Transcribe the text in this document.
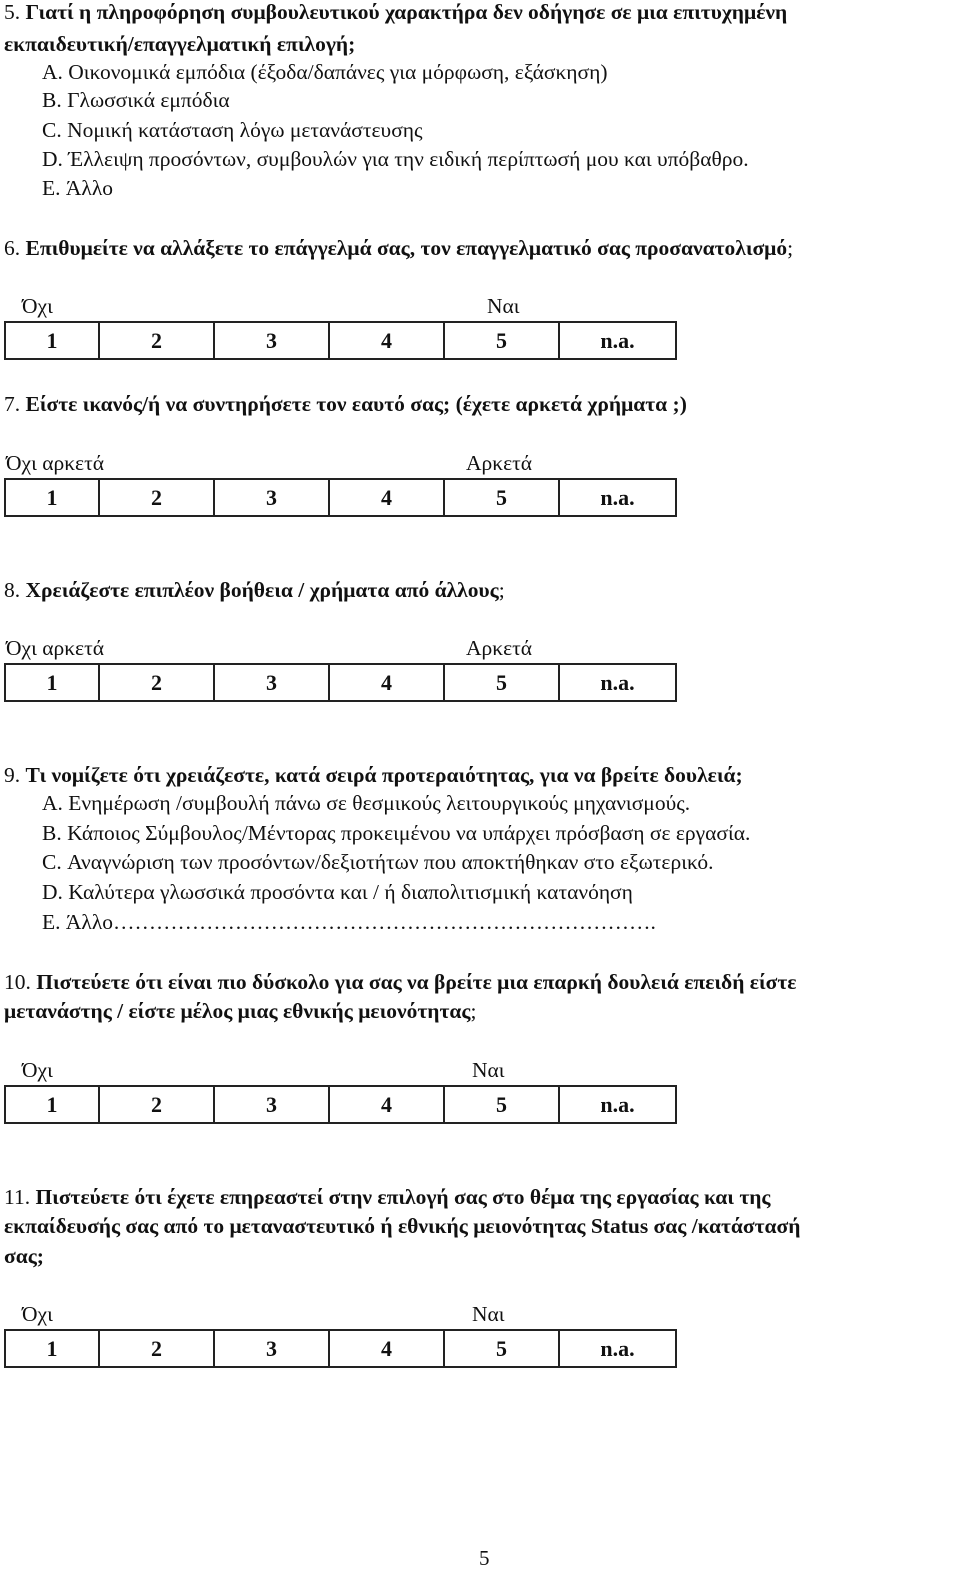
5. Γιατί η πληροφόρηση συμβουλευτικού χαρακτήρα δεν οδήγησε σε μια επιτυχημένη
εκπαιδευτική/επαγγελματική επιλογή;
A. Οικονομικά εμπόδια (έξοδα/δαπάνες για μόρφωση, εξάσκηση)
B. Γλωσσικά εμπόδια
C. Νομική κατάσταση λόγω μετανάστευσης
D. Έλλειψη προσόντων, συμβουλών για την ειδική περίπτωσή μου και υπόβαθρο.
E. Άλλο
6. Επιθυμείτε να αλλάξετε το επάγγελμά σας, τον επαγγελματικό σας προσανατολισμό;
Όχι	Ναι
1	2	3	4	5	n.a.
7. Είστε ικανός/ή να συντηρήσετε τον εαυτό σας; (έχετε αρκετά χρήματα ;)
Όχι αρκετά	Αρκετά
1	2	3	4	5	n.a.
8. Χρειάζεστε επιπλέον βοήθεια / χρήματα από άλλους;
Όχι αρκετά	Αρκετά
1	2	3	4	5	n.a.
9. Τι νομίζετε ότι χρειάζεστε, κατά σειρά προτεραιότητας, για να βρείτε δουλειά;
A. Ενημέρωση /συμβουλή πάνω σε θεσμικούς λειτουργικούς μηχανισμούς.
B. Κάποιος Σύμβουλος/Μέντορας προκειμένου να υπάρχει πρόσβαση σε εργασία.
C. Αναγνώριση των προσόντων/δεξιοτήτων που αποκτήθηκαν στο εξωτερικό.
D. Καλύτερα γλωσσικά προσόντα και / ή διαπολιτισμική κατανόηση
E. Άλλο………………………………………………………………….
10. Πιστεύετε ότι είναι πιο δύσκολο για σας να βρείτε μια επαρκή δουλειά επειδή είστε
μετανάστης / είστε μέλος μιας εθνικής μειονότητας;
Όχι	Ναι
1	2	3	4	5	n.a.
11. Πιστεύετε ότι έχετε επηρεαστεί στην επιλογή σας στο θέμα της εργασίας και της
εκπαίδευσής σας από το μεταναστευτικό ή εθνικής μειονότητας Status σας /κατάστασή
σας;
Όχι	Ναι
1	2	3	4	5	n.a.
5
